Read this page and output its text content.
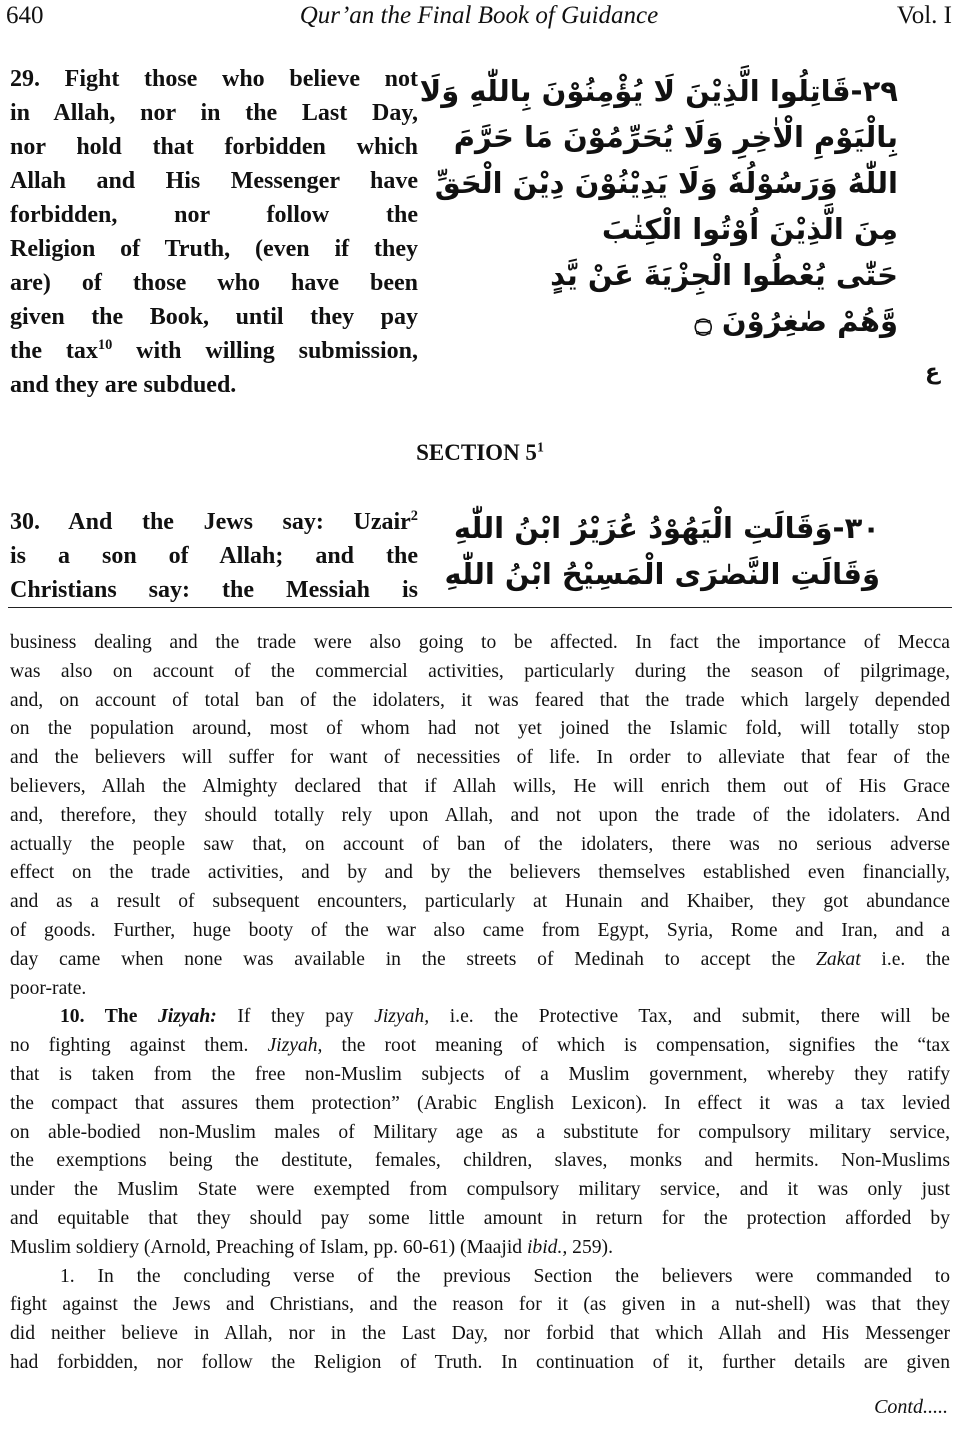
640	Qur’an the Final Book of Guidance	Vol. I
29. Fight those who believe not
in Allah, nor in the Last Day,
nor hold that forbidden which
Allah and His Messenger have
forbidden, nor follow the
Religion of Truth, (even if they
are) of those who have been
given the Book, until they pay
the tax$^{10}$ with willing submission,
and they are subdued.
٢٩-قَاتِلُوا الَّذِيْنَ لَا يُؤْمِنُوْنَ بِاللّٰهِ وَلَا
بِالْيَوْمِ الْاٰخِرِ وَلَا يُحَرِّمُوْنَ مَا حَرَّمَ
اللّٰهُ وَرَسُوْلُهٗ وَلَا يَدِيْنُوْنَ دِيْنَ الْحَقِّ
مِنَ الَّذِيْنَ اُوْتُوا الْكِتٰبَ
حَتّٰى يُعْطُوا الْجِزْيَةَ عَنْ يَّدٍ
وَّهُمْ صٰغِرُوْنَ ۝
ع
SECTION $5^1$
30. And the Jews say: Uzair$^2$
is a son of Allah; and the
Christians say: the Messiah is
٣٠-وَقَالَتِ الْيَهُوْدُ عُزَيْرُ ابْنُ اللّٰهِ
وَقَالَتِ النَّصٰرَى الْمَسِيْحُ ابْنُ اللّٰهِ
business dealing and the trade were also going to be affected. In fact the importance of Mecca
was also on account of the commercial activities, particularly during the season of pilgrimage,
and, on account of total ban of the idolaters, it was feared that the trade which largely depended
on the population around, most of whom had not yet joined the Islamic fold, will totally stop
and the believers will suffer for want of necessities of life. In order to alleviate that fear of the
believers, Allah the Almighty declared that if Allah wills, He will enrich them out of His Grace
and, therefore, they should totally rely upon Allah, and not upon the trade of the idolaters. And
actually the people saw that, on account of ban of the idolaters, there was no serious adverse
effect on the trade activities, and by and by the believers themselves established even financially,
and as a result of subsequent encounters, particularly at Hunain and Khaiber, they got abundance
of goods. Further, huge booty of the war also came from Egypt, Syria, Rome and Iran, and a
day came when none was available in the streets of Medinah to accept the Zakat i.e. the
poor-rate.
10. The Jizyah: If they pay Jizyah, i.e. the Protective Tax, and submit, there will be
no fighting against them. Jizyah, the root meaning of which is compensation, signifies the “tax
that is taken from the free non-Muslim subjects of a Muslim government, whereby they ratify
the compact that assures them protection” (Arabic English Lexicon). In effect it was a tax levied
on able-bodied non-Muslim males of Military age as a substitute for compulsory military service,
the exemptions being the destitute, females, children, slaves, monks and hermits. Non-Muslims
under the Muslim State were exempted from compulsory military service, and it was only just
and equitable that they should pay some little amount in return for the protection afforded by
Muslim soldiery (Arnold, Preaching of Islam, pp. 60-61) (Maajid ibid., 259).
1. In the concluding verse of the previous Section the believers were commanded to
fight against the Jews and Christians, and the reason for it (as given in a nut-shell) was that they
did neither believe in Allah, nor in the Last Day, nor forbid that which Allah and His Messenger
had forbidden, nor follow the Religion of Truth. In continuation of it, further details are given
Contd.....
